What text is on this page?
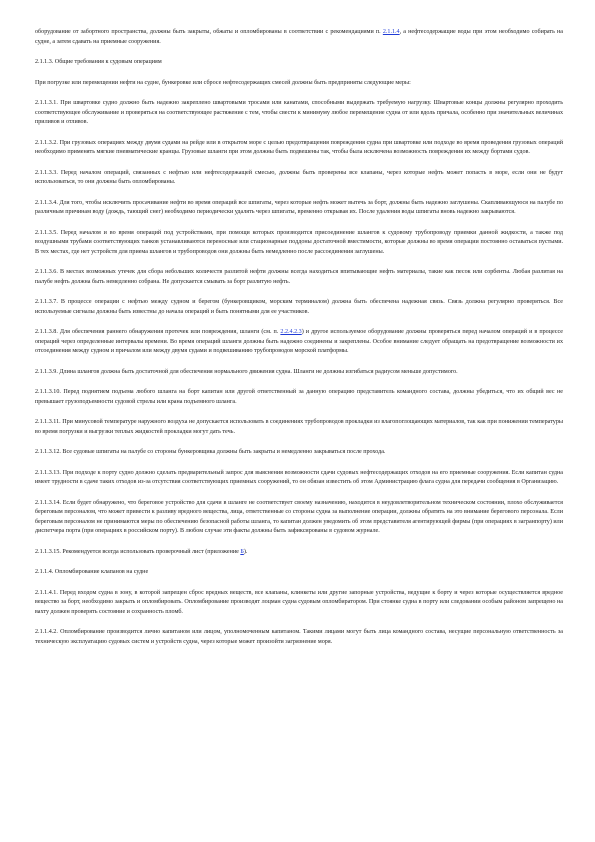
оборудование от забортного пространства, должны быть закрыты, обжаты и опломбированы в соответствии с рекомендациями п. 2.1.1.4, а нефтесодержащие воды при этом необходимо собирать на судне, а затем сдавать на приемные сооружения.

2.1.1.3. Общие требования к судовым операциям

При погрузке или перемещении нефти на судне, бункеровке или сбросе нефтесодержащих смесей должны быть предприняты следующие меры:

2.1.1.3.1. При швартовке судно должно быть надежно закреплено швартовыми тросами или канатами, способными выдержать требуемую нагрузку. Швартовые концы должны регулярно проходить соответствующее обслуживание и проверяться на соответствующее растяжение с тем, чтобы свести к минимуму любое перемещение судна от или вдоль причала, особенно при значительных величинах приливов и отливов.

2.1.1.3.2. При грузовых операциях между двумя судами на рейде или в открытом море с целью предотвращения повреждения судна при швартовке или подходе во время проведения грузовых операций необходимо применять мягкие пневматические кранцы. Грузовые шланги при этом должны быть подвешены так, чтобы была исключена возможность повреждения их между бортами судов.

2.1.1.3.3. Перед началом операций, связанных с нефтью или нефтесодержащей смесью, должны быть проверены все клапаны, через которые нефть может попасть в море, если они не будут использоваться, то они должны быть опломбированы.

2.1.1.3.4. Для того, чтобы исключить просачивание нефти во время операций все шпигаты, через которые нефть может вытечь за борт, должны быть надежно заглушены. Скапливающуюся на палубе по различным причинам воду (дождь, тающий снег) необходимо периодически удалять через шпигаты, временно открывая их. После удаления воды шпигаты вновь надежно закрываются.

2.1.1.3.5. Перед началом и во время операций под устройствами, при помощи которых производится присоединение шлангов к судовому трубопроводу приемки данной жидкости, а также под воздушными трубами соответствующих танков устанавливаются переносные или стационарные поддоны достаточной вместимости, которые должны во время операции постоянно оставаться пустыми. В тех местах, где нет устройств для приема шлангов и трубопроводов они должны быть немедленно после рассоединения заглушены.

2.1.1.3.6. В местах возможных утечек для сбора небольших количеств разлитой нефти должны всегда находиться впитывающие нефть материалы, такие как песок или сорбенты. Любая разлитая на палубе нефть должна быть немедленно собрана. Не допускается смывать за борт разлитую нефть.

2.1.1.3.7. В процессе операции с нефтью между судном и берегом (бункеровщиком, морским терминалом) должна быть обеспечена надежная связь. Связь должна регулярно проверяться. Все используемые сигналы должны быть известны до начала операций и быть понятными для ее участников.

2.1.1.3.8. Для обеспечения раннего обнаружения протечек или повреждения, шланги (см. п. 2.2.4.2.3) и другое используемое оборудование должны проверяться перед началом операций и в процессе операций через определенные интервалы времени. Во время операций шланги должны быть надежно соединены и закреплены. Особое внимание следует обращать на предотвращение возможности их отсоединения между судном и причалом или между двумя судами и подвешиванию трубопроводов морской платформы.

2.1.1.3.9. Длина шлангов должна быть достаточной для обеспечения нормального движения судна. Шланги не должны изгибаться радиусом меньше допустимого.

2.1.1.3.10. Перед поднятием подъема любого шланга на борт капитан или другой ответственный за данную операцию представитель командного состава, должны убедиться, что их общий вес не превышает грузоподъемности судовой стрелы или крана подъемного шланга.

2.1.1.3.11. При минусовой температуре наружного воздуха не допускается использовать в соединениях трубопроводов прокладки из влагопоглощающих материалов, так как при понижении температуры во время погрузки и выгрузки теплых жидкостей прокладки могут дать течь.

2.1.1.3.12. Все судовые шпигаты на палубе со стороны бункеровщика должны быть закрыты и немедленно закрываться после прохода.

2.1.1.3.13. При подходе к порту судно должно сделать предварительный запрос для выяснения возможности сдачи судовых нефтесодержащих отходов на его приемные сооружения. Если капитан судна имеет трудности в сдаче таких отходов из-за отсутствия соответствующих приемных сооружений, то он обязан известить об этом Администрацию флага судна для передачи сообщения в Организацию.

2.1.1.3.14. Если будет обнаружено, что береговое устройство для сдачи в шланге не соответствует своему назначению, находится в неудовлетворительном техническом состоянии, плохо обслуживается береговым персоналом, что может привести к разливу вредного вещества, лица, ответственные со стороны судна за выполнение операции, должны обратить на это внимание берегового персонала. Если береговым персоналом не принимаются меры по обеспечению безопасной работы шланга, то капитан должен уведомить об этом представителя агентирующей фирмы (при операциях в загранпорту) или диспетчера порта (при операциях в российском порту). В любом случае эти факты должны быть зафиксированы в судовом журнале.

2.1.1.3.15. Рекомендуется всегда использовать проверочный лист (приложение Б).

2.1.1.4. Опломбирование клапанов на судне

2.1.1.4.1. Перед входом судна в зону, в которой запрещен сброс вредных веществ, все клапаны, клинкеты или другие запорные устройства, ведущие к борту и через которые осуществляется вредное вещество за борт, необходимо закрыть и опломбировать. Опломбирование производят лоцман судна судовым опломбиратором. При стоянке судна в порту или следовании особым районом запрещено на вахту должен проверять состояние и сохранность пломб.

2.1.1.4.2. Опломбирование производится лично капитаном или лицом, уполномоченным капитаном. Такими лицами могут быть лица командного состава, несущие персональную ответственность за техническую эксплуатацию судовых систем и устройств судна, через которые может произойти загрязнение моря.
